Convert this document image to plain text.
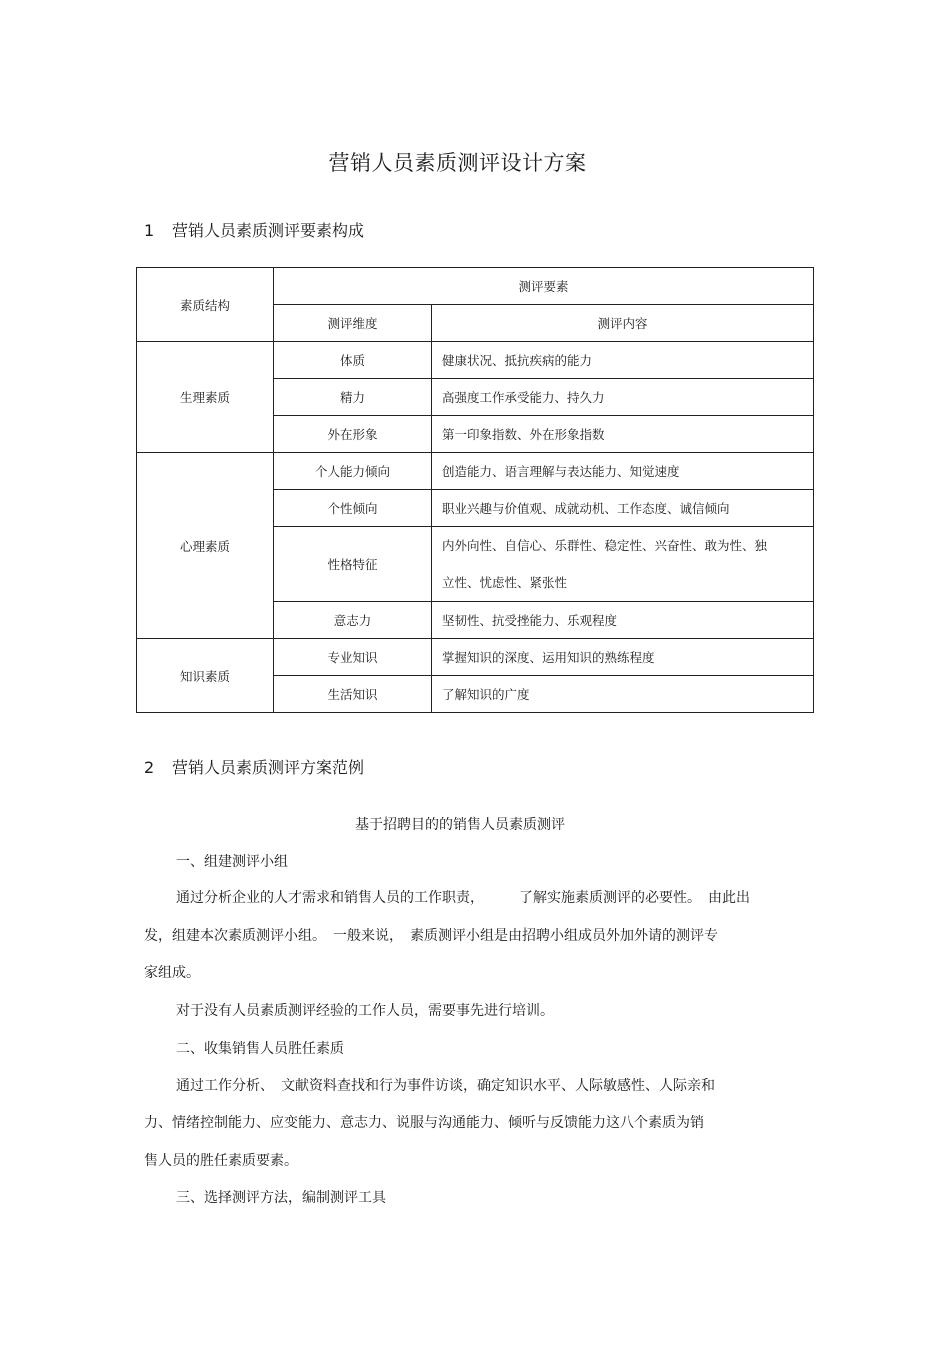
营销人员素质测评设计方案
1 营销人员素质测评要素构成
素质结构	测评要素	
	测评维度	测评内容
生理素质	体质	健康状况、抵抗疾病的能力
	精力	高强度工作承受能力、持久力
	外在形象	第一印象指数、外在形象指数
心理素质	个人能力倾向	创造能力、语言理解与表达能力、知觉速度
	个性倾向	职业兴趣与价值观、成就动机、工作态度、诚信倾向
	性格特征	内外向性、自信心、乐群性、稳定性、兴奋性、敢为性、独
立性、忧虑性、紧张性

	意志力	坚韧性、抗受挫能力、乐观程度
知识素质	专业知识	掌握知识的深度、运用知识的熟练程度
	生活知识	了解知识的广度
2 营销人员素质测评方案范例
基于招聘目的的销售人员素质测评
一、组建测评小组
通过分析企业的人才需求和销售人员的工作职责，　　　了解实施素质测评的必要性。　由此出
发，组建本次素质测评小组。　一般来说，　素质测评小组是由招聘小组成员外加外请的测评专
家组成。
对于没有人员素质测评经验的工作人员，需要事先进行培训。
二、收集销售人员胜任素质
通过工作分析、　文献资料查找和行为事件访谈，确定知识水平、人际敏感性、人际亲和
力、情绪控制能力、应变能力、意志力、说服与沟通能力、倾听与反馈能力这八个素质为销
售人员的胜任素质要素。
三、选择测评方法，编制测评工具
